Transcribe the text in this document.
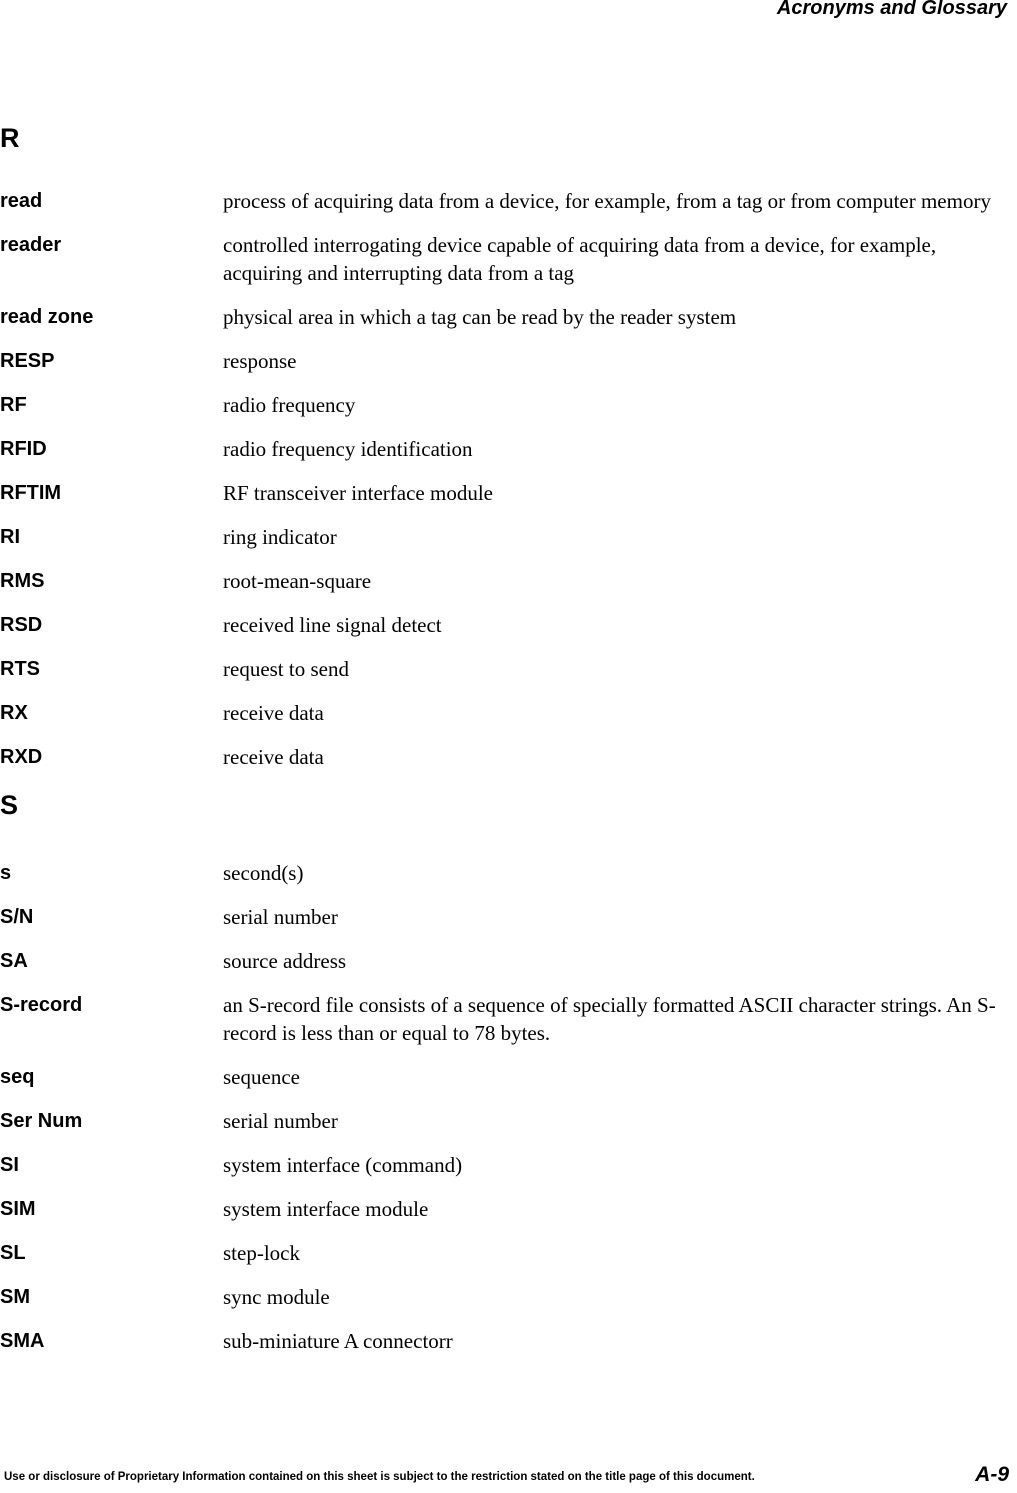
Acronyms and Glossary
R
read	process of acquiring data from a device, for example, from a tag or from computer memory
reader	controlled interrogating device capable of acquiring data from a device, for example, acquiring and interrupting data from a tag
read zone	physical area in which a tag can be read by the reader system
RESP	response
RF	radio frequency
RFID	radio frequency identification
RFTIM	RF transceiver interface module
RI	ring indicator
RMS	root-mean-square
RSD	received line signal detect
RTS	request to send
RX	receive data
RXD	receive data
S
s	second(s)
S/N	serial number
SA	source address
S-record	an S-record file consists of a sequence of specially formatted ASCII character strings. An S-record is less than or equal to 78 bytes.
seq	sequence
Ser Num	serial number
SI	system interface (command)
SIM	system interface module
SL	step-lock
SM	sync module
SMA	sub-miniature A connectorr
Use or disclosure of Proprietary Information contained on this sheet is subject to the restriction stated on the title page of this document.	A-9
